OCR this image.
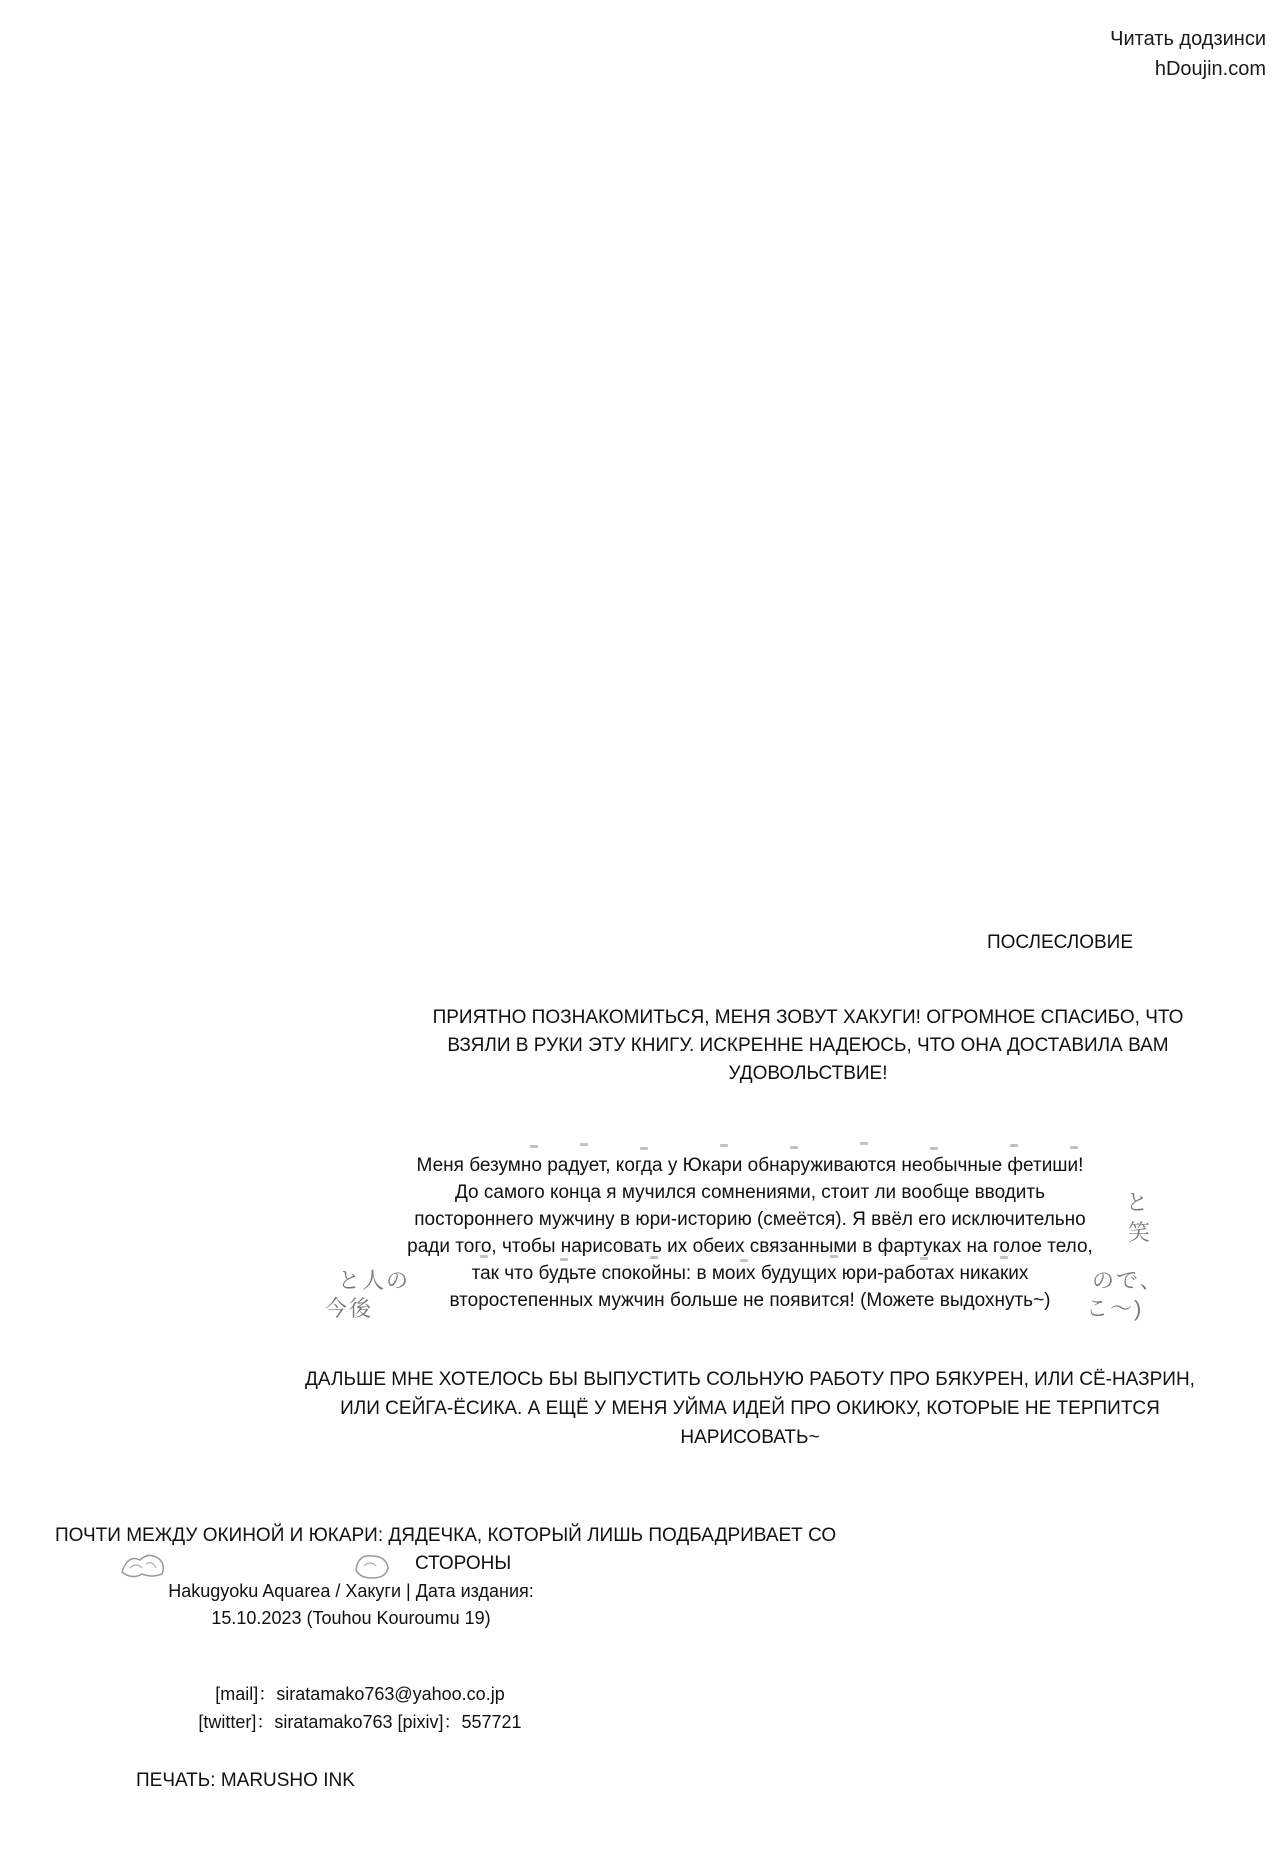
Читать додзинси
hDoujin.com
ПОСЛЕСЛОВИЕ
ПРИЯТНО ПОЗНАКОМИТЬСЯ, МЕНЯ ЗОВУТ ХАКУГИ! ОГРОМНОЕ СПАСИБО, ЧТО
ВЗЯЛИ В РУКИ ЭТУ КНИГУ. ИСКРЕННЕ НАДЕЮСЬ, ЧТО ОНА ДОСТАВИЛА ВАМ
УДОВОЛЬСТВИЕ!
と人の
今後
と
笑
ので、
こ～)
Меня безумно радует, когда у Юкари обнаруживаются необычные фетиши!
До самого конца я мучился сомнениями, стоит ли вообще вводить
постороннего мужчину в юри-историю (смеётся). Я ввёл его исключительно
ради того, чтобы нарисовать их обеих связанными в фартуках на голое тело,
так что будьте спокойны: в моих будущих юри-работах никаких
второстепенных мужчин больше не появится! (Можете выдохнуть~)
ДАЛЬШЕ МНЕ ХОТЕЛОСЬ БЫ ВЫПУСТИТЬ СОЛЬНУЮ РАБОТУ ПРО БЯКУРЕН, ИЛИ СЁ-НАЗРИН,
ИЛИ СЕЙГА-ЁСИКА. А ЕЩЁ У МЕНЯ УЙМА ИДЕЙ ПРО ОКИЮКУ, КОТОРЫЕ НЕ ТЕРПИТСЯ
НАРИСОВАТЬ~
ПОЧТИ МЕЖДУ ОКИНОЙ И ЮКАРИ: ДЯДЕЧКА, КОТОРЫЙ ЛИШЬ ПОДБАДРИВАЕТ СО
СТОРОНЫ
Hakugyoku Aquarea / Хакуги | Дата издания:
15.10.2023 (Touhou Kouroumu 19)
[mail]：siratamako763@yahoo.co.jp
[twitter]：siratamako763 [pixiv]：557721
ПЕЧАТЬ: MARUSHO INK
